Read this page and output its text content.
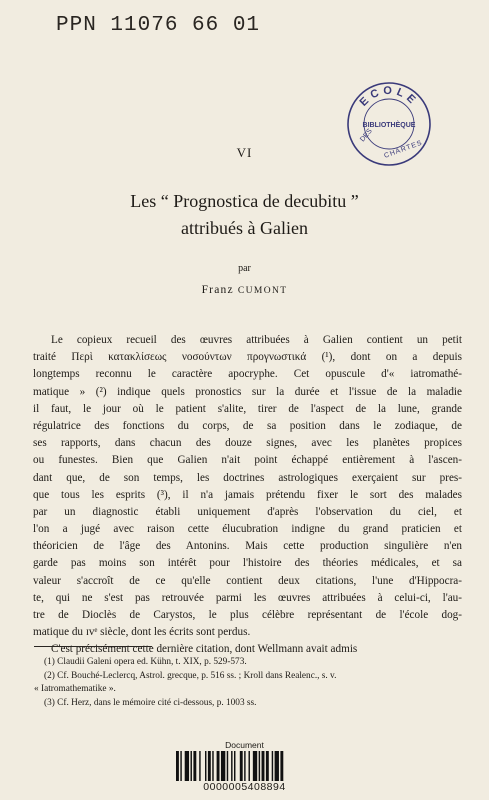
PPN 11076 66 01
ECOLE
BIBLIOTHÈQUE
DES
CHARTES
VI
Les “ Prognostica de decubitu ”
attribués à Galien
par
Franz CUMONT
Le copieux recueil des œuvres attribuées à Galien contient un petit
traité Περὶ κατακλίσεως νοσούντων προγνωστικά (¹), dont on a depuis
longtemps reconnu le caractère apocryphe. Cet opuscule d'« iatromathé-
matique » (²) indique quels pronostics sur la durée et l'issue de la maladie
il faut, le jour où le patient s'alite, tirer de l'aspect de la lune, grande
régulatrice des fonctions du corps, de sa position dans le zodiaque, de
ses rapports, dans chacun des douze signes, avec les planètes propices
ou funestes. Bien que Galien n'ait point échappé entièrement à l'ascen-
dant que, de son temps, les doctrines astrologiques exerçaient sur pres-
que tous les esprits (³), il n'a jamais prétendu fixer le sort des malades
par un diagnostic établi uniquement d'après l'observation du ciel, et
l'on a jugé avec raison cette élucubration indigne du grand praticien et
théoricien de l'âge des Antonins. Mais cette production singulière n'en
garde pas moins son intérêt pour l'histoire des théories médicales, et sa
valeur s'accroît de ce qu'elle contient deux citations, l'une d'Hippocra-
te, qui ne s'est pas retrouvée parmi les œuvres attribuées à celui-ci, l'au-
tre de Dioclès de Carystos, le plus célèbre représentant de l'école dog-
matique du ɪvᵉ siècle, dont les écrits sont perdus.
C'est précisément cette dernière citation, dont Wellmann avait admis
(1) Claudii Galeni opera ed. Kühn, t. XIX, p. 529-573.
(2) Cf. Bouché-Leclercq, Astrol. grecque, p. 516 ss. ; Kroll dans Realenc., s. v.
« Iatromathematike ».
(3) Cf. Herz, dans le mémoire cité ci-dessous, p. 1003 ss.
Document
0000005408894
